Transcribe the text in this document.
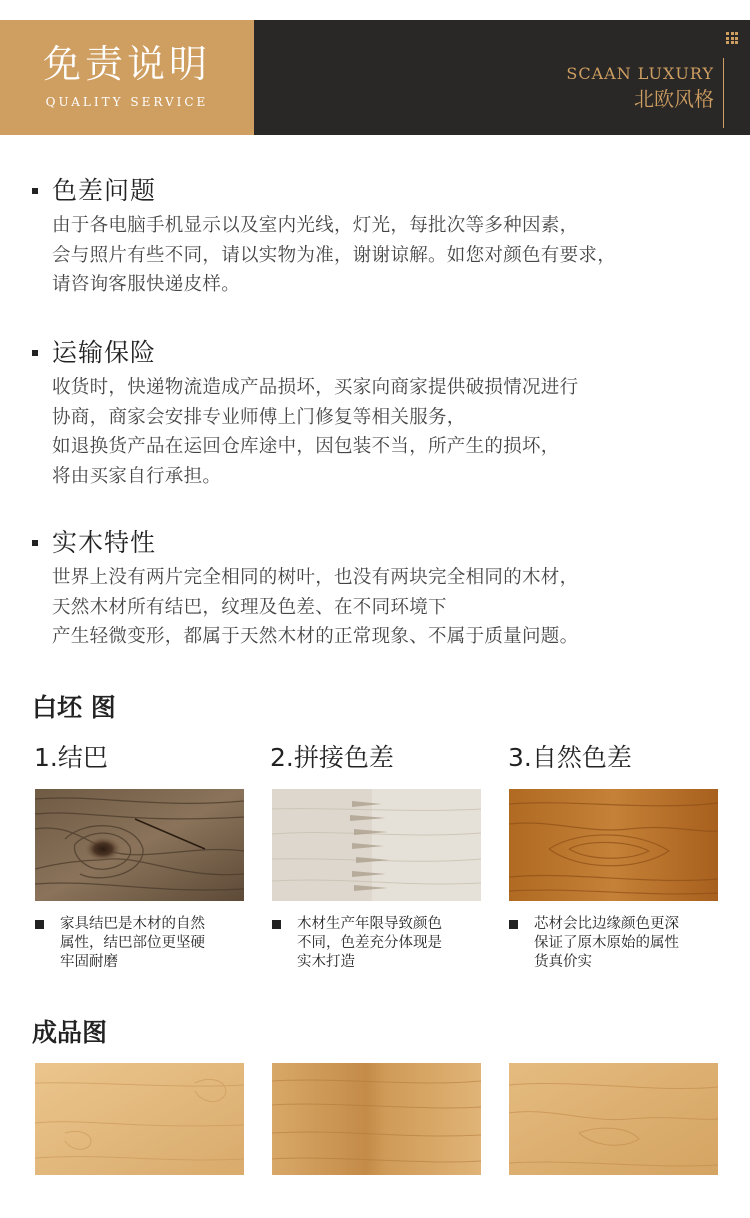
免责说明
QUALITY SERVICE
SCAAN LUXURY
北欧风格
色差问题
由于各电脑手机显示以及室内光线，灯光，每批次等多种因素，
会与照片有些不同，请以实物为准，谢谢谅解。如您对颜色有要求，
请咨询客服快递皮样。
运输保险
收货时，快递物流造成产品损坏，买家向商家提供破损情况进行
协商，商家会安排专业师傅上门修复等相关服务，
如退换货产品在运回仓库途中，因包装不当，所产生的损坏，
将由买家自行承担。
实木特性
世界上没有两片完全相同的树叶，也没有两块完全相同的木材，
天然木材所有结巴，纹理及色差、在不同环境下
产生轻微变形，都属于天然木材的正常现象、不属于质量问题。
白坯 图
1.结巴	2.拼接色差	3.自然色差
家具结巴是木材的自然
属性，结巴部位更坚硬
牢固耐磨
木材生产年限导致颜色
不同，色差充分体现是
实木打造
芯材会比边缘颜色更深
保证了原木原始的属性
货真价实
成品图
